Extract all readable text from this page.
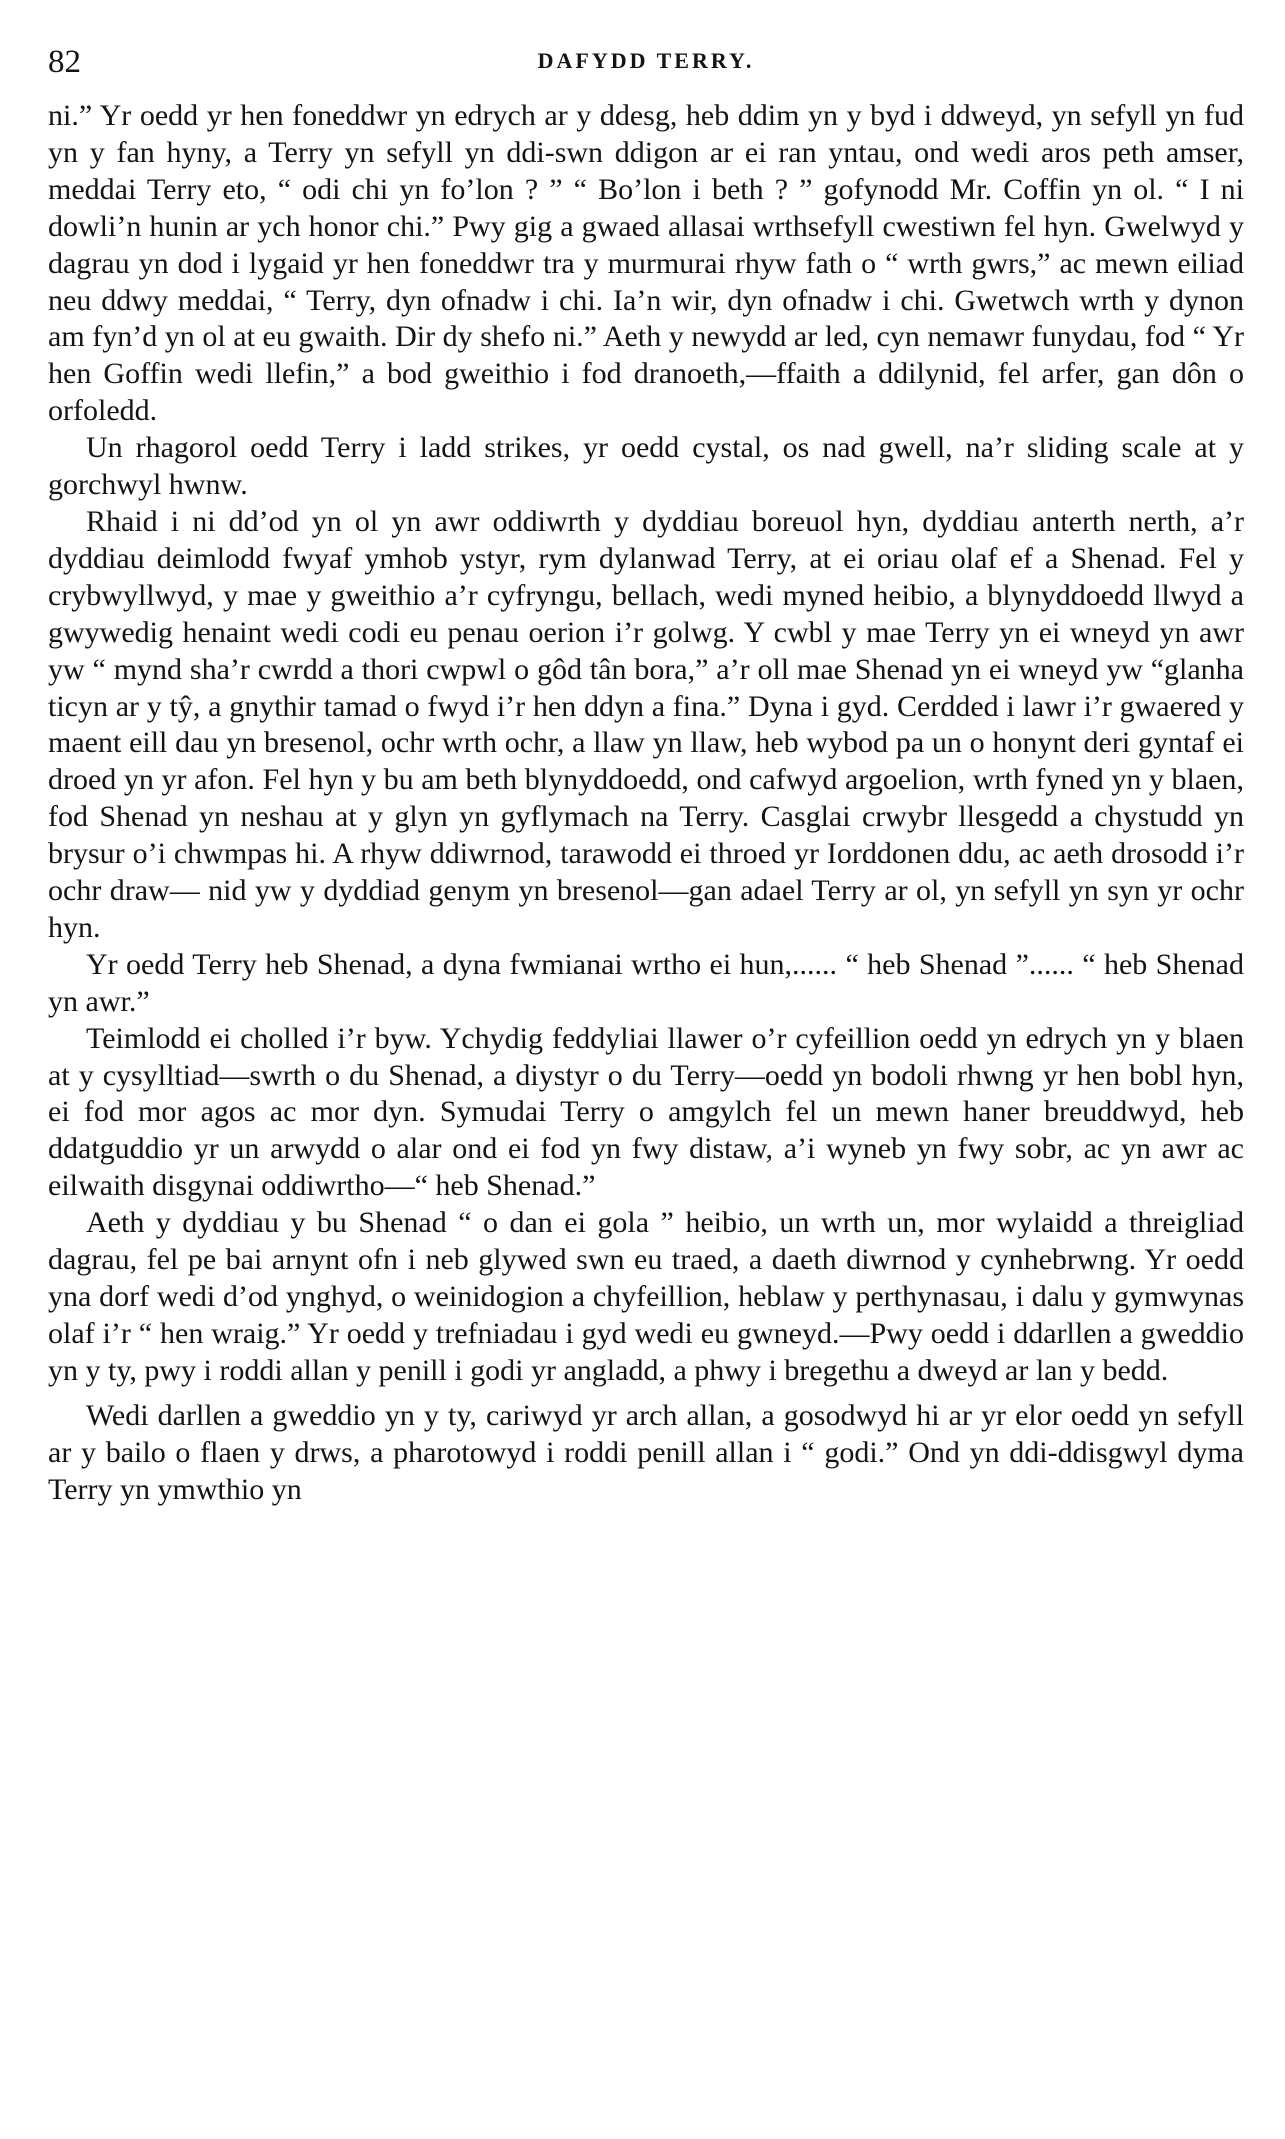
82	DAFYDD TERRY.

ni.” Yr oedd yr hen foneddwr yn edrych ar y ddesg, heb ddim yn y byd i ddweyd, yn sefyll yn fud yn y fan hyny, a Terry yn sefyll yn ddi-swn ddigon ar ei ran yntau, ond wedi aros peth amser, meddai Terry eto, “ odi chi yn fo’lon ? ” “ Bo’lon i beth ? ” gofynodd Mr. Coffin yn ol. “ I ni dowli’n hunin ar ych honor chi.” Pwy gig a gwaed allasai wrthsefyll cwestiwn fel hyn. Gwelwyd y dagrau yn dod i lygaid yr hen foneddwr tra y murmurai rhyw fath o “ wrth gwrs,” ac mewn eiliad neu ddwy meddai, “ Terry, dyn ofnadw i chi. Ia’n wir, dyn ofnadw i chi. Gwetwch wrth y dynon am fyn’d yn ol at eu gwaith. Dir dy shefo ni.” Aeth y newydd ar led, cyn nemawr funydau, fod “ Yr hen Goffin wedi llefin,” a bod gweithio i fod dranoeth,—ffaith a ddilynid, fel arfer, gan dôn o orfoledd.

Un rhagorol oedd Terry i ladd strikes, yr oedd cystal, os nad gwell, na’r sliding scale at y gorchwyl hwnw.

Rhaid i ni dd’od yn ol yn awr oddiwrth y dyddiau boreuol hyn, dyddiau anterth nerth, a’r dyddiau deimlodd fwyaf ymhob ystyr, rym dylanwad Terry, at ei oriau olaf ef a Shenad. Fel y crybwyllwyd, y mae y gweithio a’r cyfryngu, bellach, wedi myned heibio, a blynyddoedd llwyd a gwywedig henaint wedi codi eu penau oerion i’r golwg. Y cwbl y mae Terry yn ei wneyd yn awr yw “ mynd sha’r cwrdd a thori cwpwl o gôd tân bora,” a’r oll mae Shenad yn ei wneyd yw “glanha ticyn ar y tŷ, a gnythir tamad o fwyd i’r hen ddyn a fina.” Dyna i gyd. Cerdded i lawr i’r gwaered y maent eill dau yn bresenol, ochr wrth ochr, a llaw yn llaw, heb wybod pa un o honynt deri gyntaf ei droed yn yr afon. Fel hyn y bu am beth blynyddoedd, ond cafwyd argoelion, wrth fyned yn y blaen, fod Shenad yn neshau at y glyn yn gyflymach na Terry. Casglai crwybr llesgedd a chystudd yn brysur o’i chwmpas hi. A rhyw ddiwrnod, tarawodd ei throed yr Iorddonen ddu, ac aeth drosodd i’r ochr draw— nid yw y dyddiad genym yn bresenol—gan adael Terry ar ol, yn sefyll yn syn yr ochr hyn.

Yr oedd Terry heb Shenad, a dyna fwmianai wrtho ei hun,...... “ heb Shenad ”...... “ heb Shenad yn awr.”

Teimlodd ei cholled i’r byw. Ychydig feddyliai llawer o’r cyfeillion oedd yn edrych yn y blaen at y cysylltiad—swrth o du Shenad, a diystyr o du Terry—oedd yn bodoli rhwng yr hen bobl hyn, ei fod mor agos ac mor dyn. Symudai Terry o amgylch fel un mewn haner breuddwyd, heb ddatguddio yr un arwydd o alar ond ei fod yn fwy distaw, a’i wyneb yn fwy sobr, ac yn awr ac eilwaith disgynai oddiwrtho—“ heb Shenad.”

Aeth y dyddiau y bu Shenad “ o dan ei gola ” heibio, un wrth un, mor wylaidd a threigliad dagrau, fel pe bai arnynt ofn i neb glywed swn eu traed, a daeth diwrnod y cynhebrwng. Yr oedd yna dorf wedi d’od ynghyd, o weinidogion a chyfeillion, heblaw y perthynasau, i dalu y gymwynas olaf i’r “ hen wraig.” Yr oedd y trefniadau i gyd wedi eu gwneyd.—Pwy oedd i ddarllen a gweddio yn y ty, pwy i roddi allan y penill i godi yr angladd, a phwy i bregethu a dweyd ar lan y bedd.

Wedi darllen a gweddio yn y ty, cariwyd yr arch allan, a gosodwyd hi ar yr elor oedd yn sefyll ar y bailo o flaen y drws, a pharotowyd i roddi penill allan i “ godi.” Ond yn ddi-ddisgwyl dyma Terry yn ymwthio yn
